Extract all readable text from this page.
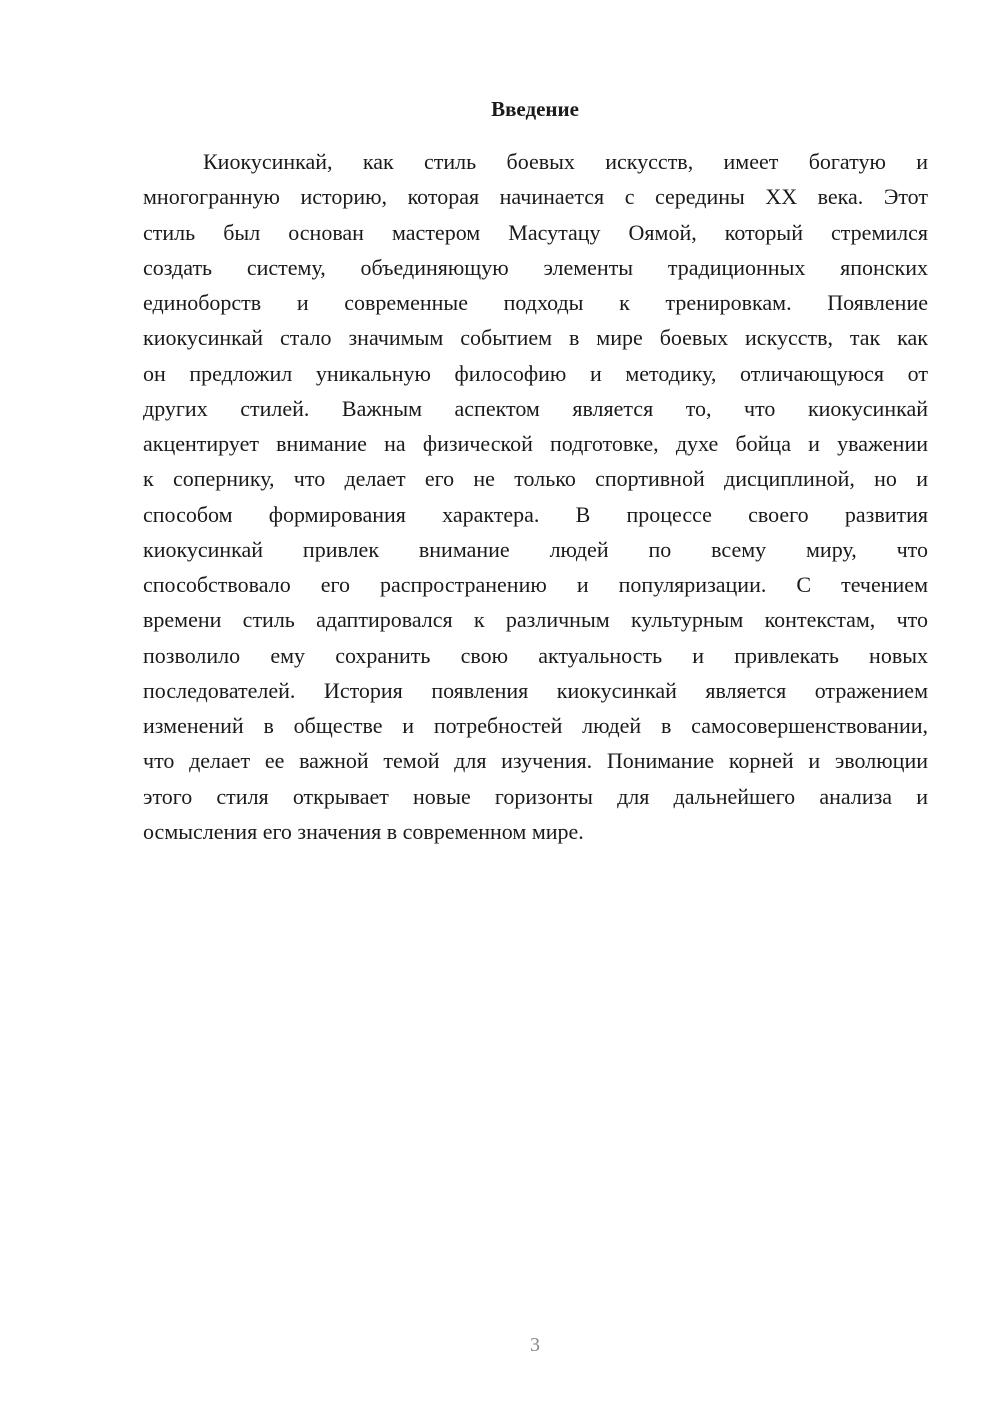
Введение
Киокусинкай, как стиль боевых искусств, имеет богатую и
многогранную историю, которая начинается с середины XX века. Этот
стиль был основан мастером Масутацу Оямой, который стремился
создать систему, объединяющую элементы традиционных японских
единоборств и современные подходы к тренировкам. Появление
киокусинкай стало значимым событием в мире боевых искусств, так как
он предложил уникальную философию и методику, отличающуюся от
других стилей. Важным аспектом является то, что киокусинкай
акцентирует внимание на физической подготовке, духе бойца и уважении
к сопернику, что делает его не только спортивной дисциплиной, но и
способом формирования характера. В процессе своего развития
киокусинкай привлек внимание людей по всему миру, что
способствовало его распространению и популяризации. С течением
времени стиль адаптировался к различным культурным контекстам, что
позволило ему сохранить свою актуальность и привлекать новых
последователей. История появления киокусинкай является отражением
изменений в обществе и потребностей людей в самосовершенствовании,
что делает ее важной темой для изучения. Понимание корней и эволюции
этого стиля открывает новые горизонты для дальнейшего анализа и
осмысления его значения в современном мире.
3
